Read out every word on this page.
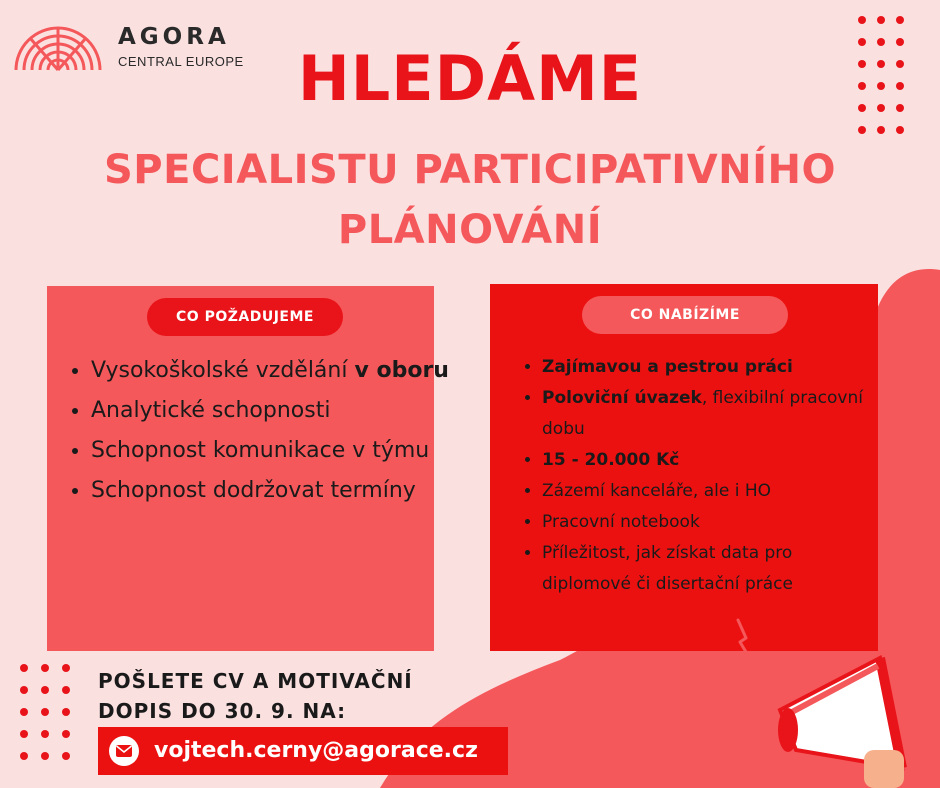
AGORA
CENTRAL EUROPE HLEDÁME
SPECIALISTU PARTICIPATIVNÍHO
PLÁNOVÁNÍ
CO POŽADUJEME
• Vysokoškolské vzdělání v oboru
• Analytické schopnosti
• Schopnost komunikace v týmu
• Schopnost dodržovat termíny
CO NABÍZÍME
• Zajímavou a pestrou práci
• Poloviční úvazek, flexibilní pracovní dobu
• 15 - 20.000 Kč
• Zázemí kanceláře, ale i HO
• Pracovní notebook
• Příležitost, jak získat data pro diplomové či disertační práce
POŠLETE CV A MOTIVAČNÍ
DOPIS DO 30. 9. NA:
vojtech.cerny@agorace.cz
